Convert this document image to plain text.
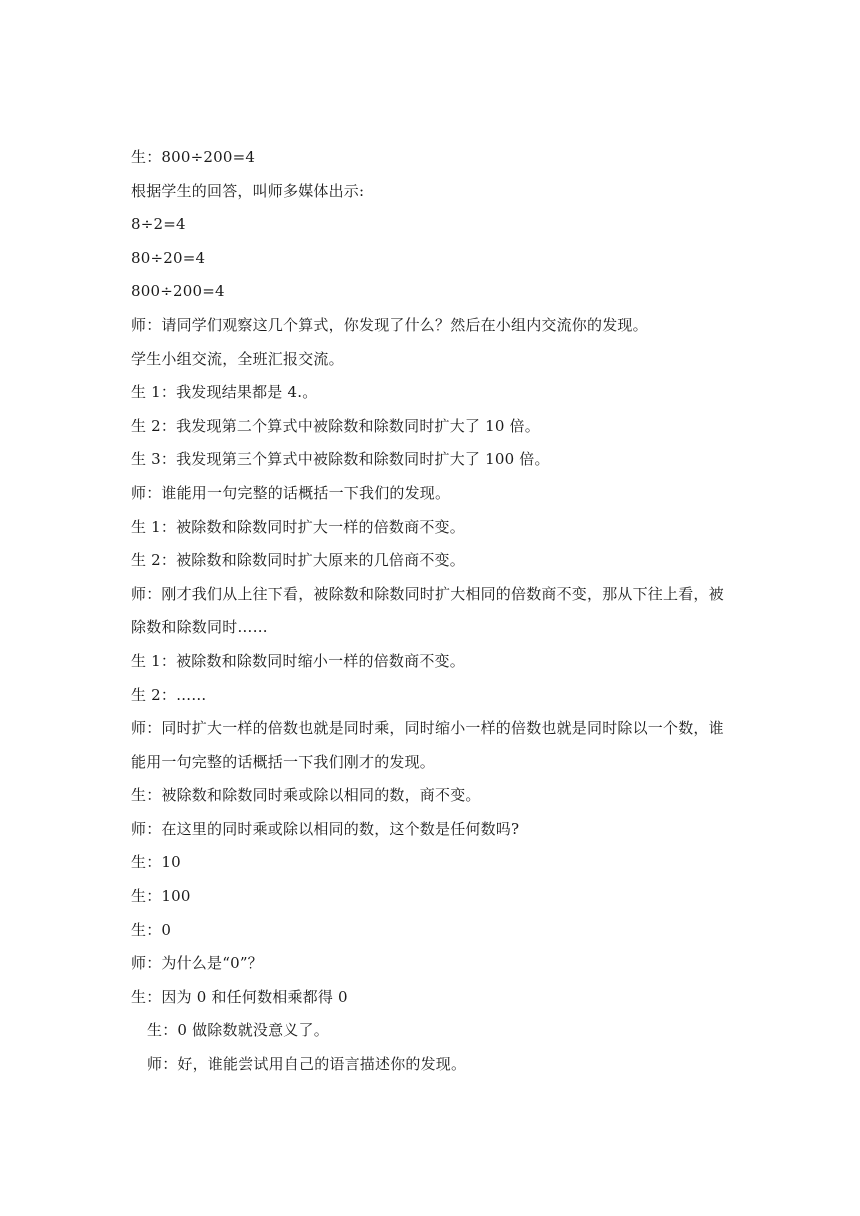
生：800÷200=4
根据学生的回答，叫师多媒体出示:
8÷2=4
80÷20=4
800÷200=4
师：请同学们观察这几个算式，你发现了什么？然后在小组内交流你的发现。
学生小组交流，全班汇报交流。
生 1：我发现结果都是 4.。
生 2：我发现第二个算式中被除数和除数同时扩大了 10 倍。
生 3：我发现第三个算式中被除数和除数同时扩大了 100 倍。
师：谁能用一句完整的话概括一下我们的发现。
生 1：被除数和除数同时扩大一样的倍数商不变。
生 2：被除数和除数同时扩大原来的几倍商不变。
师：刚才我们从上往下看，被除数和除数同时扩大相同的倍数商不变，那从下往上看，被除数和除数同时……
生 1：被除数和除数同时缩小一样的倍数商不变。
生 2：……
师：同时扩大一样的倍数也就是同时乘，同时缩小一样的倍数也就是同时除以一个数，谁能用一句完整的话概括一下我们刚才的发现。
生：被除数和除数同时乘或除以相同的数，商不变。
师：在这里的同时乘或除以相同的数，这个数是任何数吗?
生：10
生：100
生：0
师：为什么是“0”？
生：因为 0 和任何数相乘都得 0
生：0 做除数就没意义了。
师：好，谁能尝试用自己的语言描述你的发现。
